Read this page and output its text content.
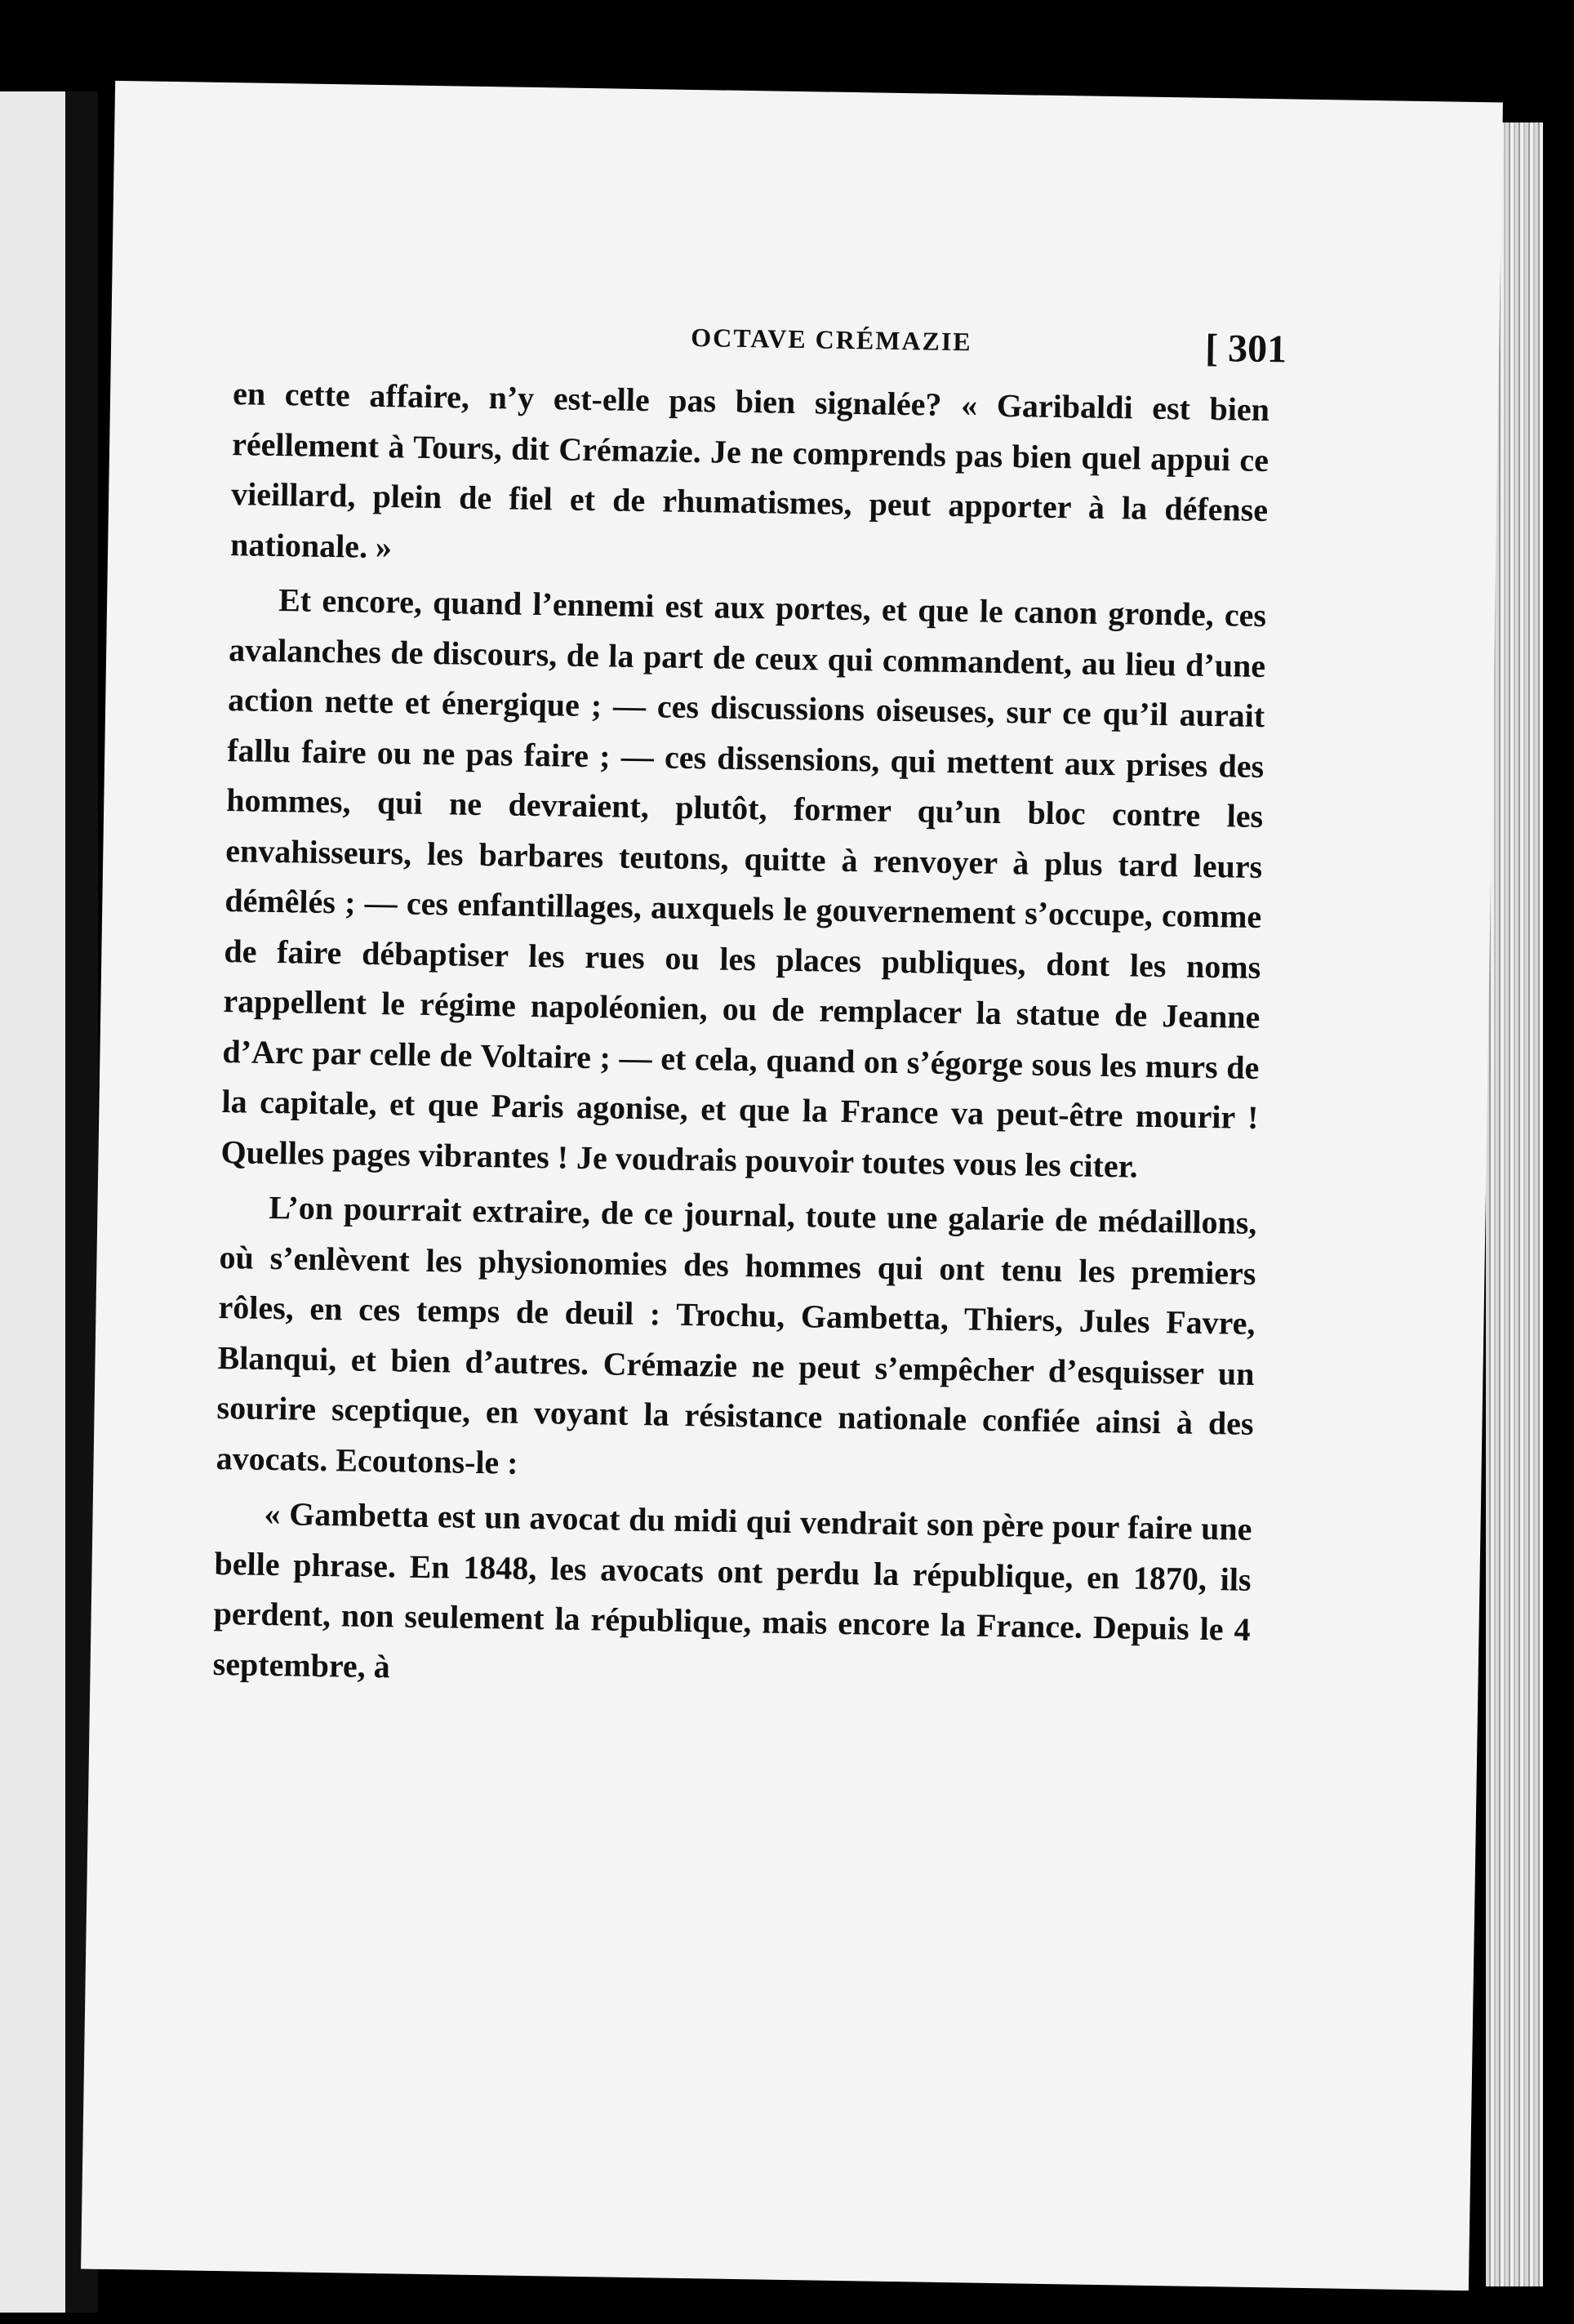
OCTAVE CRÉMAZIE	[ 301

en cette affaire, n’y est-elle pas bien signalée? « Garibaldi est bien réellement à Tours, dit Crémazie. Je ne comprends pas bien quel appui ce vieillard, plein de fiel et de rhumatismes, peut apporter à la défense nationale. »

Et encore, quand l’ennemi est aux portes, et que le canon gronde, ces avalanches de discours, de la part de ceux qui commandent, au lieu d’une action nette et énergique ; — ces discussions oiseuses, sur ce qu’il aurait fallu faire ou ne pas faire ; — ces dissensions, qui mettent aux prises des hommes, qui ne devraient, plutôt, former qu’un bloc contre les envahisseurs, les barbares teutons, quitte à renvoyer à plus tard leurs démêlés ; — ces enfantillages, auxquels le gouvernement s’occupe, comme de faire débaptiser les rues ou les places publiques, dont les noms rappellent le régime napoléonien, ou de remplacer la statue de Jeanne d’Arc par celle de Voltaire ; — et cela, quand on s’égorge sous les murs de la capitale, et que Paris agonise, et que la France va peut-être mourir ! Quelles pages vibrantes ! Je voudrais pouvoir toutes vous les citer.

L’on pourrait extraire, de ce journal, toute une galarie de médaillons, où s’enlèvent les physionomies des hommes qui ont tenu les premiers rôles, en ces temps de deuil : Trochu, Gambetta, Thiers, Jules Favre, Blanqui, et bien d’autres. Crémazie ne peut s’empêcher d’esquisser un sourire sceptique, en voyant la résistance nationale confiée ainsi à des avocats. Ecoutons-le :

« Gambetta est un avocat du midi qui vendrait son père pour faire une belle phrase. En 1848, les avocats ont perdu la république, en 1870, ils perdent, non seulement la république, mais encore la France. Depuis le 4 septembre, à
